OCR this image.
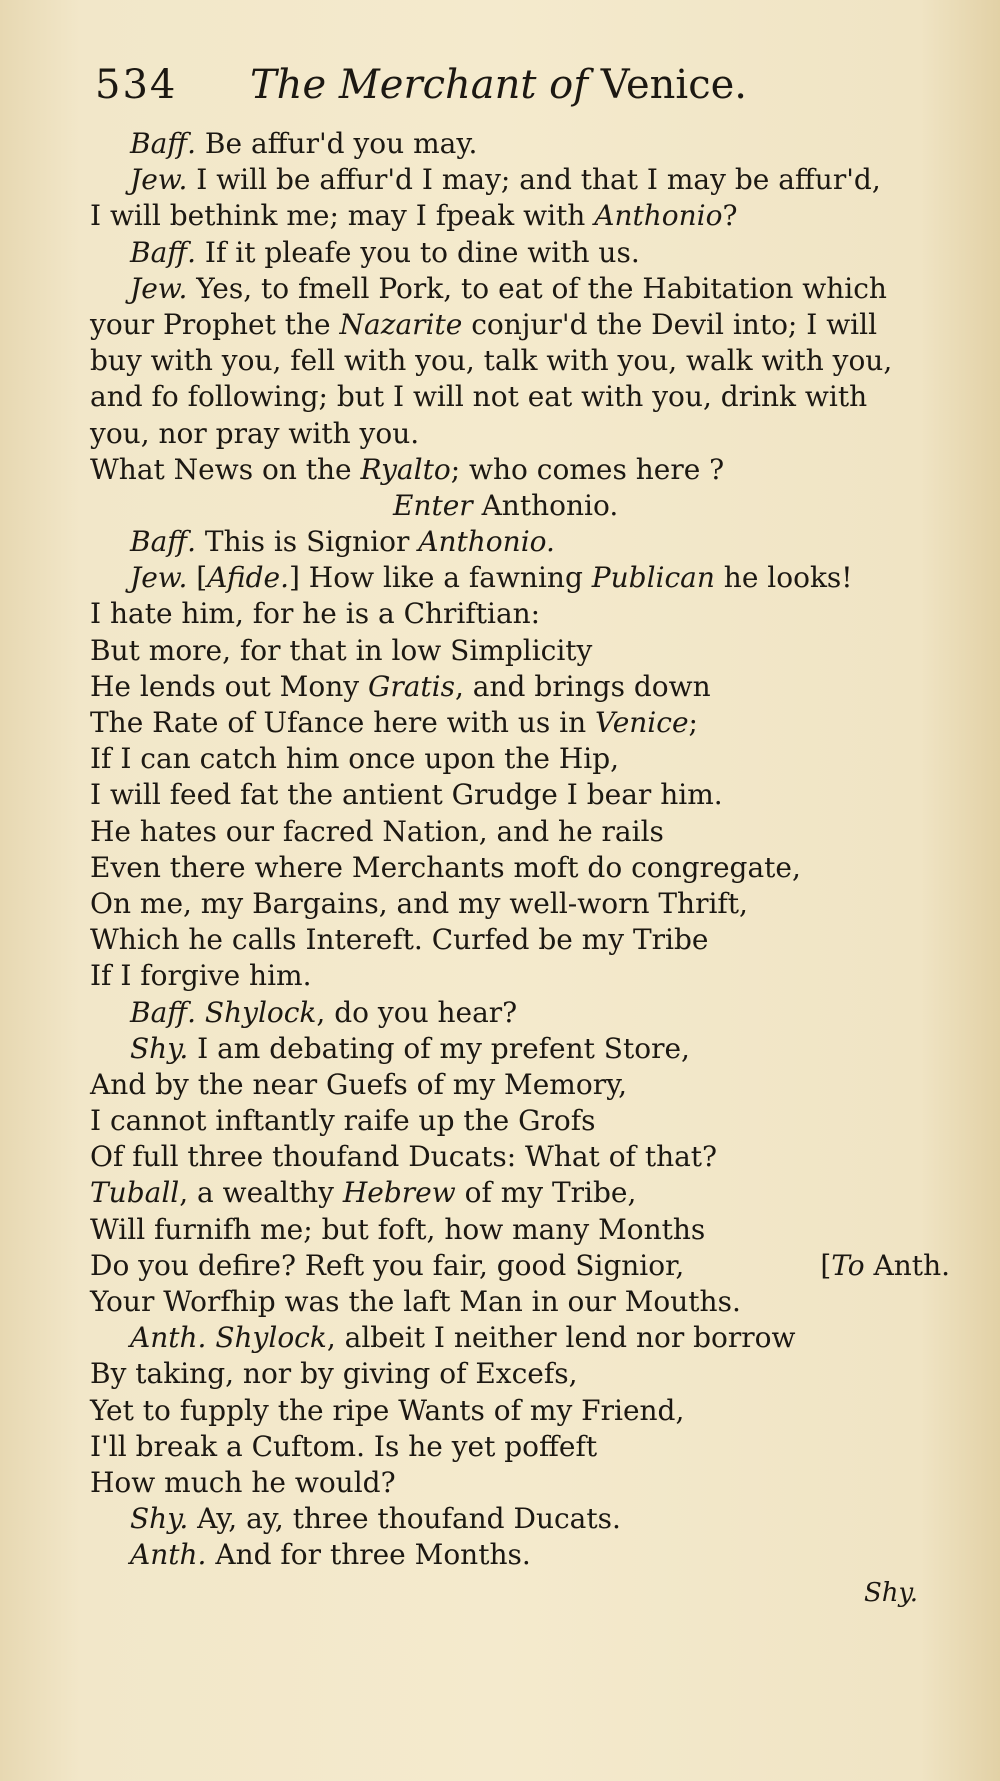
534 The Merchant of Venice.
Baff. Be affur'd you may.
Jew. I will be affur'd I may; and that I may be affur'd,
I will bethink me; may I fpeak with Anthonio?
Baff. If it pleafe you to dine with us.
Jew. Yes, to fmell Pork, to eat of the Habitation which
your Prophet the Nazarite conjur'd the Devil into; I will
buy with you, fell with you, talk with you, walk with you,
and fo following; but I will not eat with you, drink with
you, nor pray with you.
What News on the Ryalto; who comes here ?
Enter Anthonio.
Baff. This is Signior Anthonio.
Jew. [Afide.] How like a fawning Publican he looks!
I hate him, for he is a Chriftian:
But more, for that in low Simplicity
He lends out Mony Gratis, and brings down
The Rate of Ufance here with us in Venice;
If I can catch him once upon the Hip,
I will feed fat the antient Grudge I bear him.
He hates our facred Nation, and he rails
Even there where Merchants moft do congregate,
On me, my Bargains, and my well-worn Thrift,
Which he calls Intereft. Curfed be my Tribe
If I forgive him.
Baff. Shylock, do you hear?
Shy. I am debating of my prefent Store,
And by the near Guefs of my Memory,
I cannot inftantly raife up the Grofs
Of full three thoufand Ducats: What of that?
Tuball, a wealthy Hebrew of my Tribe,
Will furnifh me; but foft, how many Months
Do you defire? Reft you fair, good Signior,	[To Anth.
Your Worfhip was the laft Man in our Mouths.
Anth. Shylock, albeit I neither lend nor borrow
By taking, nor by giving of Excefs,
Yet to fupply the ripe Wants of my Friend,
I'll break a Cuftom. Is he yet poffeft
How much he would?
Shy. Ay, ay, three thoufand Ducats.
Anth. And for three Months.
Shy.
